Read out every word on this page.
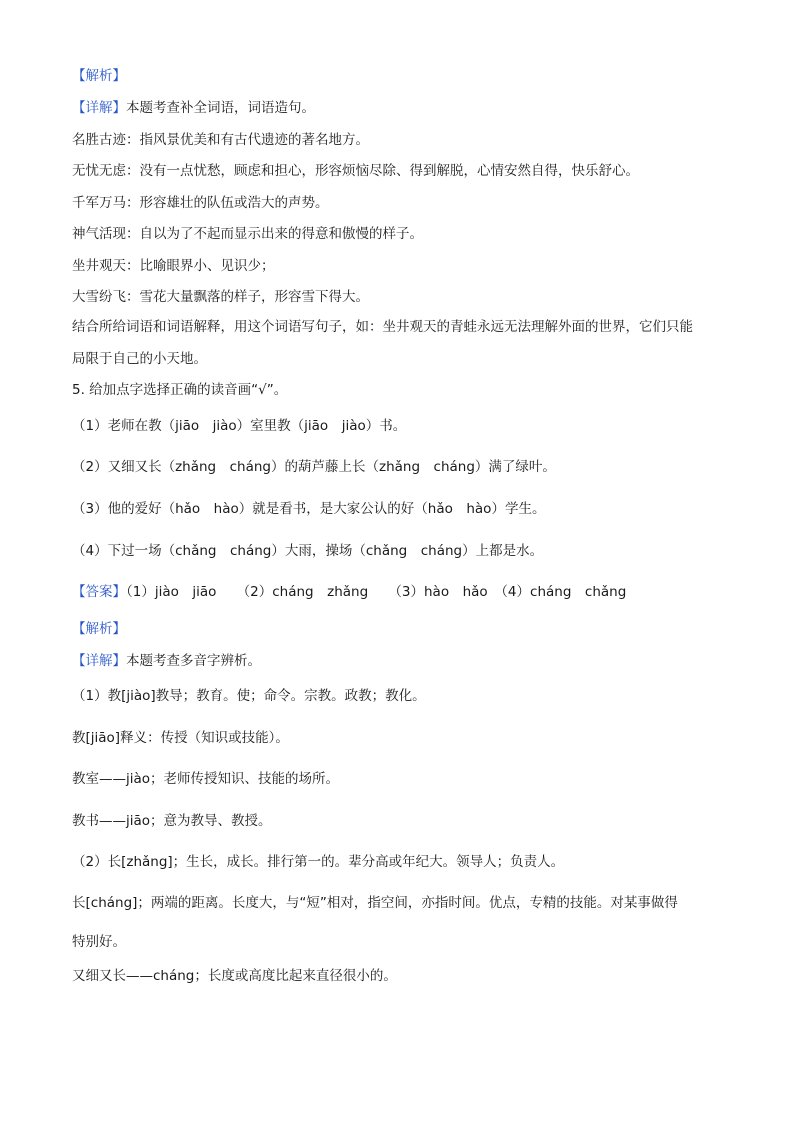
【解析】
【详解】本题考查补全词语，词语造句。
名胜古迹：指风景优美和有古代遗迹的著名地方。
无忧无虑：没有一点忧愁，顾虑和担心，形容烦恼尽除、得到解脱，心情安然自得，快乐舒心。
千军万马：形容雄壮的队伍或浩大的声势。
神气活现：自以为了不起而显示出来的得意和傲慢的样子。
坐井观天：比喻眼界小、见识少；
大雪纷飞：雪花大量飘落的样子，形容雪下得大。
结合所给词语和词语解释，用这个词语写句子，如：坐井观天的青蛙永远无法理解外面的世界，它们只能
局限于自己的小天地。
5. 给加点字选择正确的读音画“√”。
（1）老师在教（jiāo　jiào）室里教（jiāo　jiào）书。
（2）又细又长（zhǎng　cháng）的葫芦藤上长（zhǎng　cháng）满了绿叶。
（3）他的爱好（hǎo　hào）就是看书，是大家公认的好（hǎo　hào）学生。
（4）下过一场（chǎng　cháng）大雨，操场（chǎng　cháng）上都是水。
【答案】（1）jiào　jiāo　　（2）cháng　zhǎng　　（3）hào　hǎo　（4）cháng　chǎng
【解析】
【详解】本题考查多音字辨析。
（1）教[jiào]教导；教育。使；命令。宗教。政教；教化。
教[jiāo]释义：传授（知识或技能）。
教室——jiào；老师传授知识、技能的场所。
教书——jiāo；意为教导、教授。
（2）长[zhǎng]；生长，成长。排行第一的。辈分高或年纪大。领导人；负责人。
长[cháng]；两端的距离。长度大，与“短”相对，指空间，亦指时间。优点，专精的技能。对某事做得
特别好。
又细又长——cháng；长度或高度比起来直径很小的。
